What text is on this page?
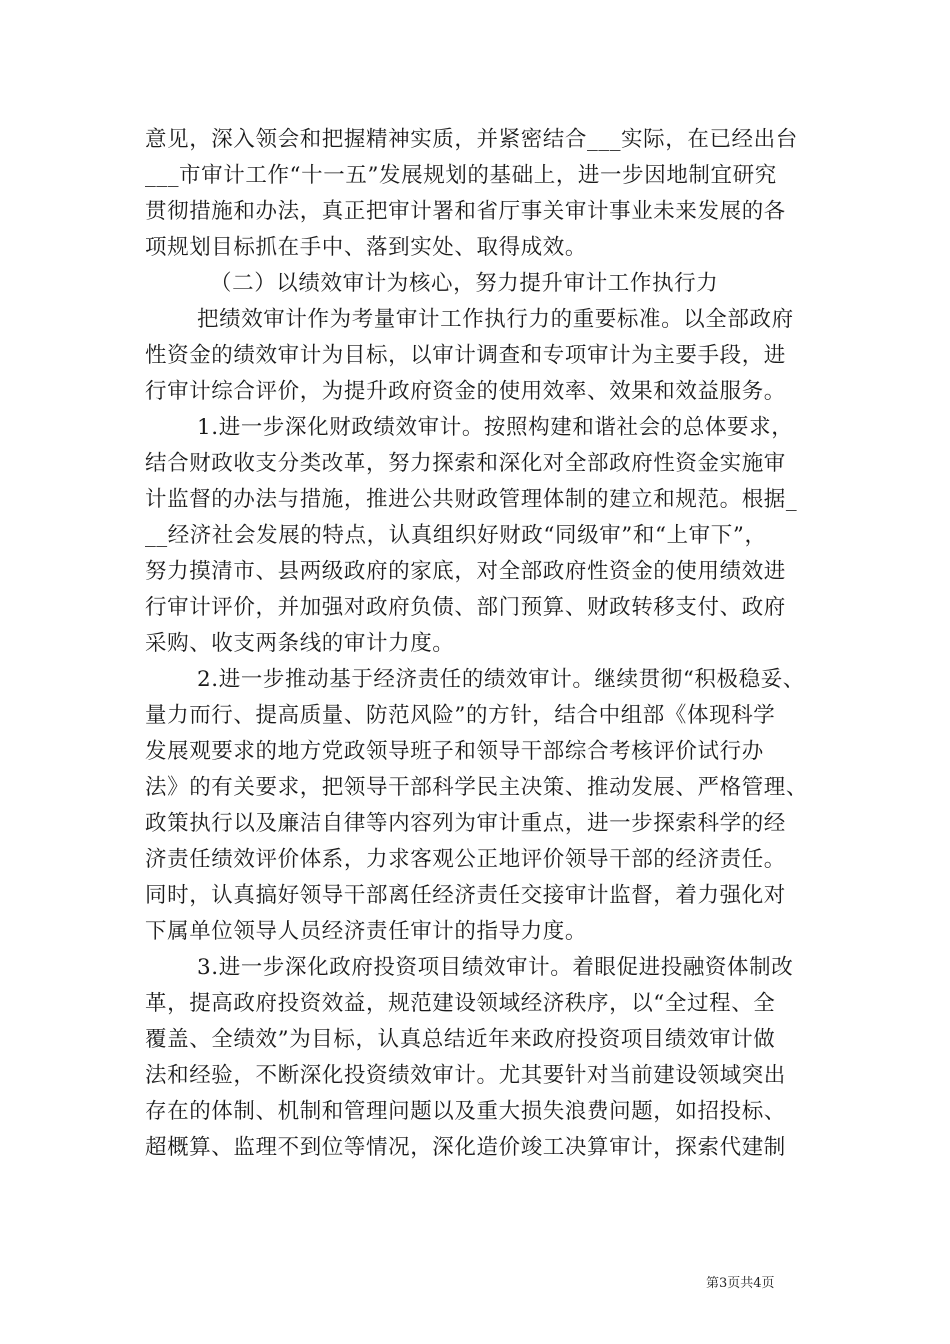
意见，深入领会和把握精神实质，并紧密结合___实际，在已经出台
___市审计工作“十一五”发展规划的基础上，进一步因地制宜研究
贯彻措施和办法，真正把审计署和省厅事关审计事业未来发展的各
项规划目标抓在手中、落到实处、取得成效。
（二）以绩效审计为核心，努力提升审计工作执行力
把绩效审计作为考量审计工作执行力的重要标准。以全部政府
性资金的绩效审计为目标，以审计调查和专项审计为主要手段，进
行审计综合评价，为提升政府资金的使用效率、效果和效益服务。
1.进一步深化财政绩效审计。按照构建和谐社会的总体要求，
结合财政收支分类改革，努力探索和深化对全部政府性资金实施审
计监督的办法与措施，推进公共财政管理体制的建立和规范。根据_
__经济社会发展的特点，认真组织好财政“同级审”和“上审下”，
努力摸清市、县两级政府的家底，对全部政府性资金的使用绩效进
行审计评价，并加强对政府负债、部门预算、财政转移支付、政府
采购、收支两条线的审计力度。
2.进一步推动基于经济责任的绩效审计。继续贯彻“积极稳妥、
量力而行、提高质量、防范风险”的方针，结合中组部《体现科学
发展观要求的地方党政领导班子和领导干部综合考核评价试行办
法》的有关要求，把领导干部科学民主决策、推动发展、严格管理、
政策执行以及廉洁自律等内容列为审计重点，进一步探索科学的经
济责任绩效评价体系，力求客观公正地评价领导干部的经济责任。
同时，认真搞好领导干部离任经济责任交接审计监督，着力强化对
下属单位领导人员经济责任审计的指导力度。
3.进一步深化政府投资项目绩效审计。着眼促进投融资体制改
革，提高政府投资效益，规范建设领域经济秩序，以“全过程、全
覆盖、全绩效”为目标，认真总结近年来政府投资项目绩效审计做
法和经验，不断深化投资绩效审计。尤其要针对当前建设领域突出
存在的体制、机制和管理问题以及重大损失浪费问题，如招投标、
超概算、监理不到位等情况，深化造价竣工决算审计，探索代建制
第3页共4页
